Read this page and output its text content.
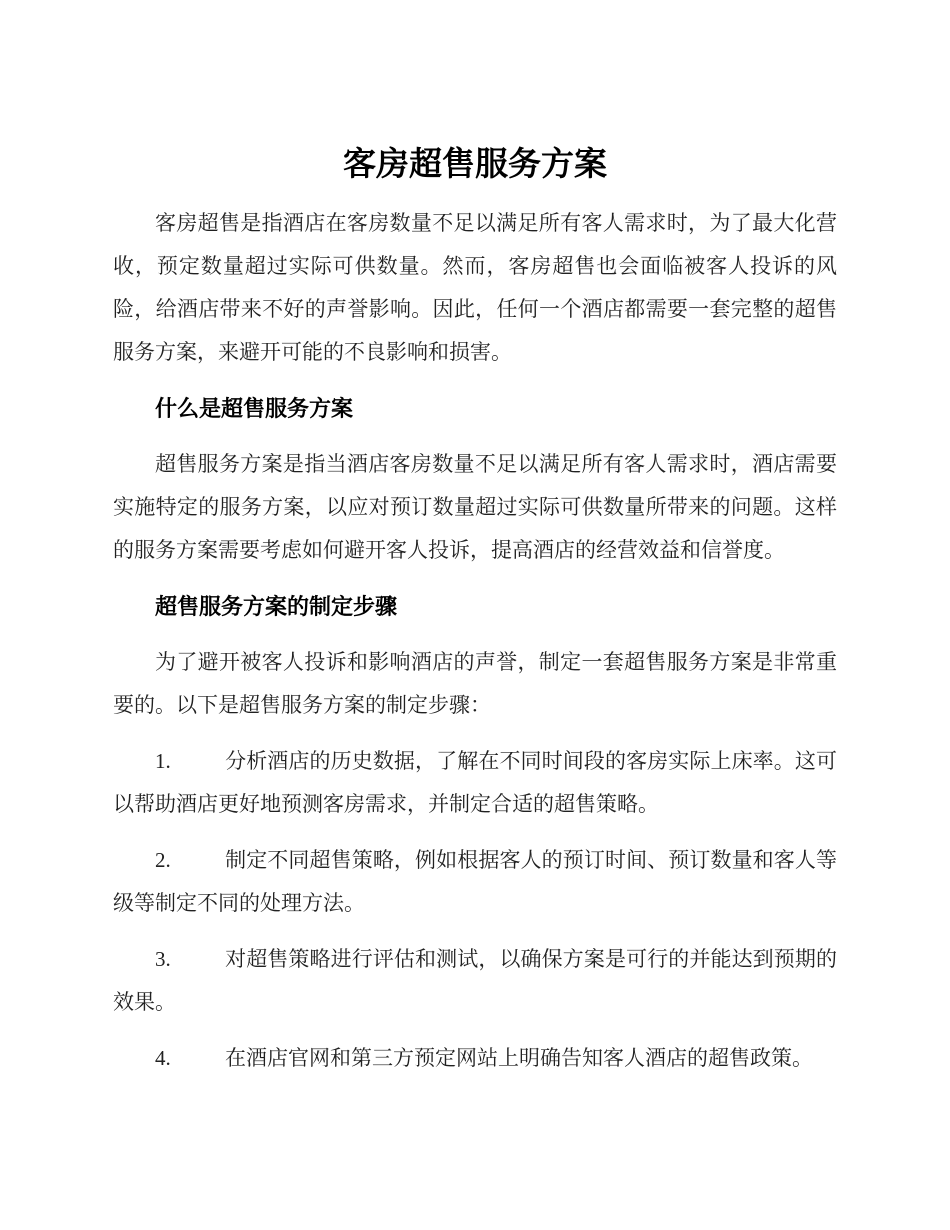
客房超售服务方案

客房超售是指酒店在客房数量不足以满足所有客人需求时，为了最大化营收，预定数量超过实际可供数量。然而，客房超售也会面临被客人投诉的风险，给酒店带来不好的声誉影响。因此，任何一个酒店都需要一套完整的超售服务方案，来避开可能的不良影响和损害。

什么是超售服务方案

超售服务方案是指当酒店客房数量不足以满足所有客人需求时，酒店需要实施特定的服务方案，以应对预订数量超过实际可供数量所带来的问题。这样的服务方案需要考虑如何避开客人投诉，提高酒店的经营效益和信誉度。

超售服务方案的制定步骤

为了避开被客人投诉和影响酒店的声誉，制定一套超售服务方案是非常重要的。以下是超售服务方案的制定步骤：

1.	分析酒店的历史数据，了解在不同时间段的客房实际上床率。这可以帮助酒店更好地预测客房需求，并制定合适的超售策略。

2.	制定不同超售策略，例如根据客人的预订时间、预订数量和客人等级等制定不同的处理方法。

3.	对超售策略进行评估和测试，以确保方案是可行的并能达到预期的效果。

4.	在酒店官网和第三方预定网站上明确告知客人酒店的超售政策。
